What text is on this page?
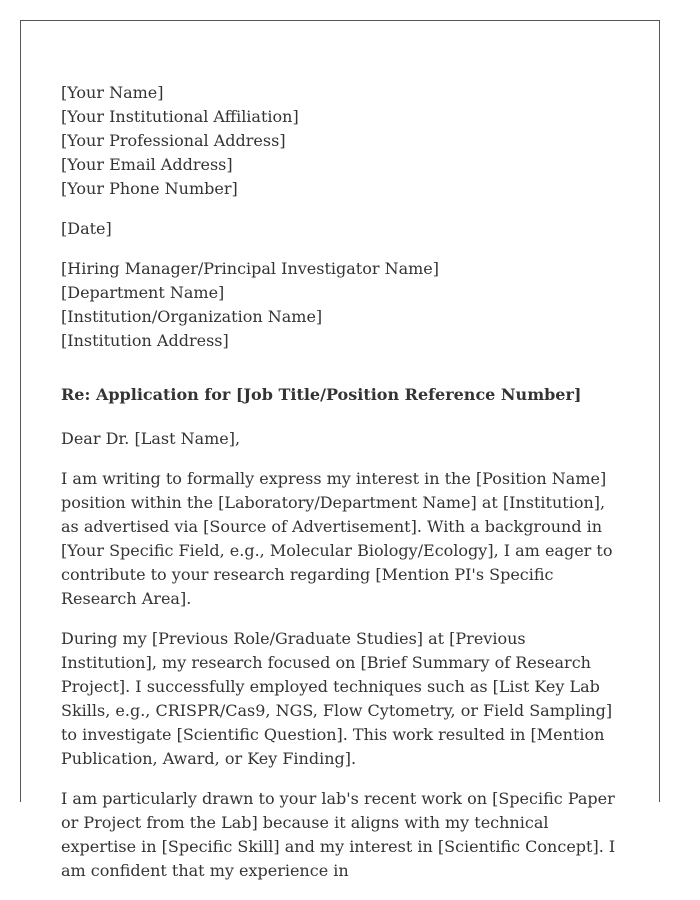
[Your Name]
[Your Institutional Affiliation]
[Your Professional Address]
[Your Email Address]
[Your Phone Number]
[Date]
[Hiring Manager/Principal Investigator Name]
[Department Name]
[Institution/Organization Name]
[Institution Address]
Re: Application for [Job Title/Position Reference Number]
Dear Dr. [Last Name],

I am writing to formally express my interest in the [Position Name] position within the [Laboratory/Department Name] at [Institution], as advertised via [Source of Advertisement]. With a background in [Your Specific Field, e.g., Molecular Biology/Ecology], I am eager to contribute to your research regarding [Mention PI's Specific Research Area].

During my [Previous Role/Graduate Studies] at [Previous Institution], my research focused on [Brief Summary of Research Project]. I successfully employed techniques such as [List Key Lab Skills, e.g., CRISPR/Cas9, NGS, Flow Cytometry, or Field Sampling] to investigate [Scientific Question]. This work resulted in [Mention Publication, Award, or Key Finding].

I am particularly drawn to your lab's recent work on [Specific Paper or Project from the Lab] because it aligns with my technical expertise in [Specific Skill] and my interest in [Scientific Concept]. I am confident that my experience in
